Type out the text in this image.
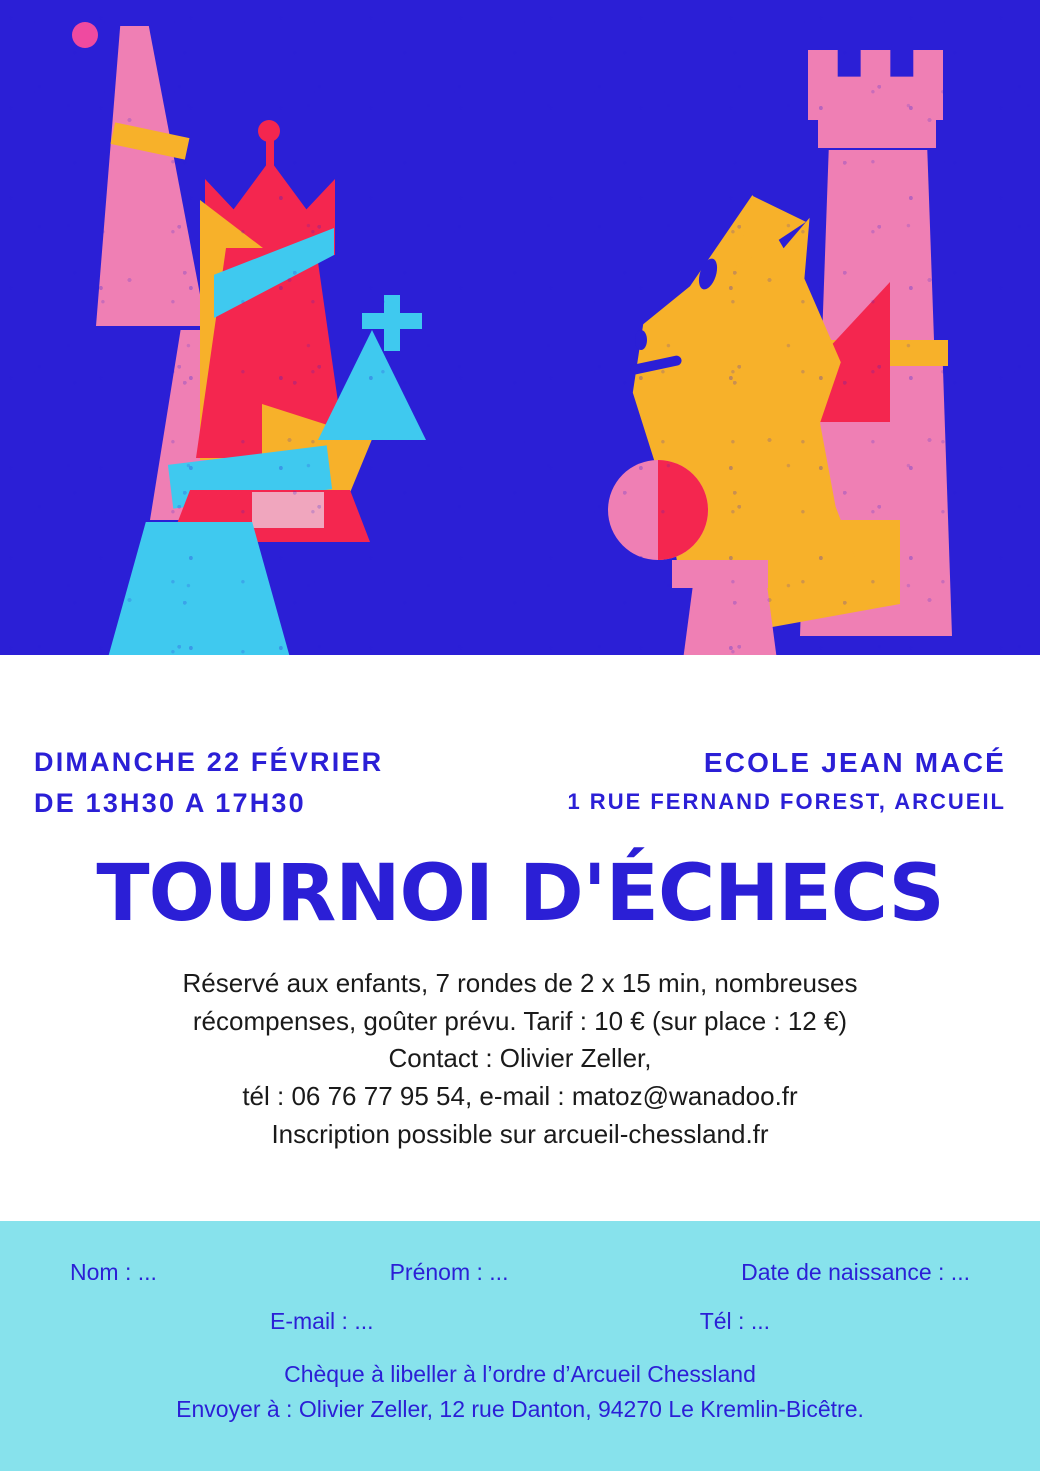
DIMANCHE 22 FÉVRIER
DE 13H30 A 17H30
ECOLE JEAN MACÉ
1 RUE FERNAND FOREST, ARCUEIL
TOURNOI D'ÉCHECS
Réservé aux enfants, 7 rondes de 2 x 15 min, nombreuses
récompenses, goûter prévu. Tarif : 10 € (sur place : 12 €)
Contact : Olivier Zeller,
tél : 06 76 77 95 54, e-mail : matoz@wanadoo.fr
Inscription possible sur arcueil-chessland.fr
Nom : ...	Prénom : ...	Date de naissance : ...
E-mail : ...	Tél : ...
Chèque à libeller à l’ordre d’Arcueil Chessland
Envoyer à : Olivier Zeller, 12 rue Danton, 94270 Le Kremlin-Bicêtre.
